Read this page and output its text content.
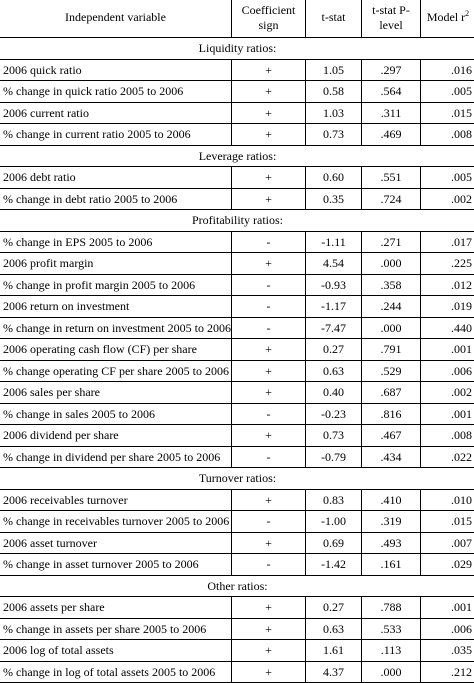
Independent variable	Coefficient sign	t-stat	t-stat P-level	Model $r^2$
Liquidity ratios:				
2006 quick ratio	+	1.05	.297	.016
% change in quick ratio 2005 to 2006	+	0.58	.564	.005
2006 current ratio	+	1.03	.311	.015
% change in current ratio 2005 to 2006	+	0.73	.469	.008
Leverage ratios:				
2006 debt ratio	+	0.60	.551	.005
% change in debt ratio 2005 to 2006	+	0.35	.724	.002
Profitability ratios:				
% change in EPS 2005 to 2006	-	-1.11	.271	.017
2006 profit margin	+	4.54	.000	.225
% change in profit margin 2005 to 2006	-	-0.93	.358	.012
2006 return on investment	-	-1.17	.244	.019
% change in return on investment 2005 to 2006	-	-7.47	.000	.440
2006 operating cash flow (CF) per share	+	0.27	.791	.001
% change operating CF per share 2005 to 2006	+	0.63	.529	.006
2006 sales per share	+	0.40	.687	.002
% change in sales 2005 to 2006	-	-0.23	.816	.001
2006 dividend per share	+	0.73	.467	.008
% change in dividend per share 2005 to 2006	-	-0.79	.434	.022
Turnover ratios:				
2006 receivables turnover	+	0.83	.410	.010
% change in receivables turnover 2005 to 2006	-	-1.00	.319	.015
2006 asset turnover	+	0.69	.493	.007
% change in asset turnover 2005 to 2006	-	-1.42	.161	.029
Other ratios:				
2006 assets per share	+	0.27	.788	.001
% change in assets per share 2005 to 2006	+	0.63	.533	.006
2006 log of total assets	+	1.61	.113	.035
% change in log of total assets 2005 to 2006	+	4.37	.000	.212
